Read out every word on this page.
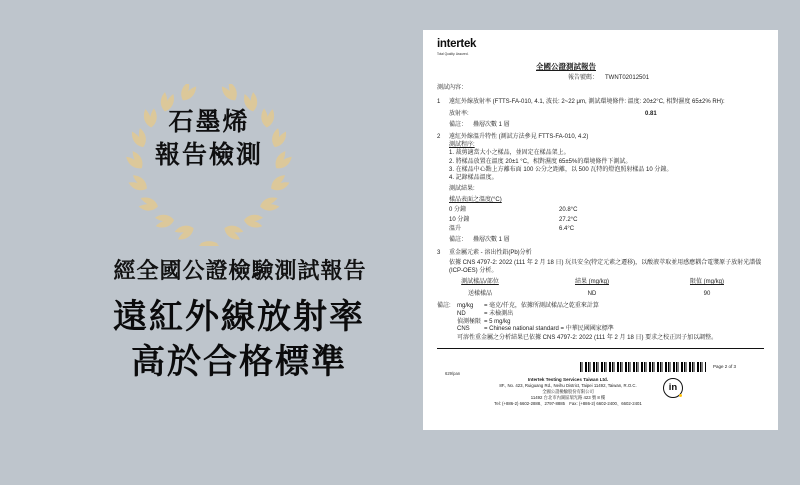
石墨烯
報告檢測
經全國公證檢驗測試報告
遠紅外線放射率
高於合格標準
intertek
Total Quality. Assured.
全國公證測試報告
報告號碼： TWNT02012501
測試內容：
1	遠紅外線放射率 (FTTS-FA-010, 4.1, 波長: 2~22 μm, 測試環境條件: 溫度: 20±2°C, 相對濕度 65±2% RH):
放射率:	0.81
備註： 疊層次數 1 層
2	遠紅外線溫升特性 (測試方法參見 FTTS-FA-010, 4.2)
測試程序:
1. 裁剪適當大小之樣品，並固定在樣品架上。
2. 將樣品放置在溫度 20±1 °C，相對濕度 65±5%的環境條件下測試。
3. 在樣品中心點上方離布面 100 公分之距離，以 500 瓦特的燈泡照射樣品 10 分鐘。
4. 記錄樣品溫度。
測試結果:
樣品表面之溫度(°C)
0 分鐘	20.8°C
10 分鐘	27.2°C
溫升	6.4°C
備註： 疊層次數 1 層
3	重金屬元素 - 溶出性鉛(Pb)分析
依據 CNS 4797-2: 2022 (111 年 2 月 18 日) 玩具安全(特定元素之遷移)，以酸液萃取並用感應耦合電漿原子放射光譜儀(ICP-OES) 分析。
測試樣品/部位	結果 (mg/kg)	限值 (mg/kg)
送樣樣品	ND	90
備註: mg/kg = 毫克/仟克，依據所測試樣品之乾重來計算
ND	= 未檢測出
偵測極限 = 5 mg/kg
CNS = Chinese national standard = 中華民國國家標準
可溶性重金屬之分析結果已依據 CNS 4797-2: 2022 (111 年 2 月 18 日) 要求之校正因子加以調整。
629/pan
Page 2 of 3
Intertek Testing Services Taiwan Ltd.
8F., No. 423, Ruiguang Rd., Neihu District, Taipei 11492, Taiwan, R.O.C.
全國公證檢驗股份有限公司
11492 台北市內湖區瑞光路 423 號 8 樓
Tel: (+886-2) 6602-2888、2797-8885　Fax: (+886-2) 6602-2400、6602-2401
in
